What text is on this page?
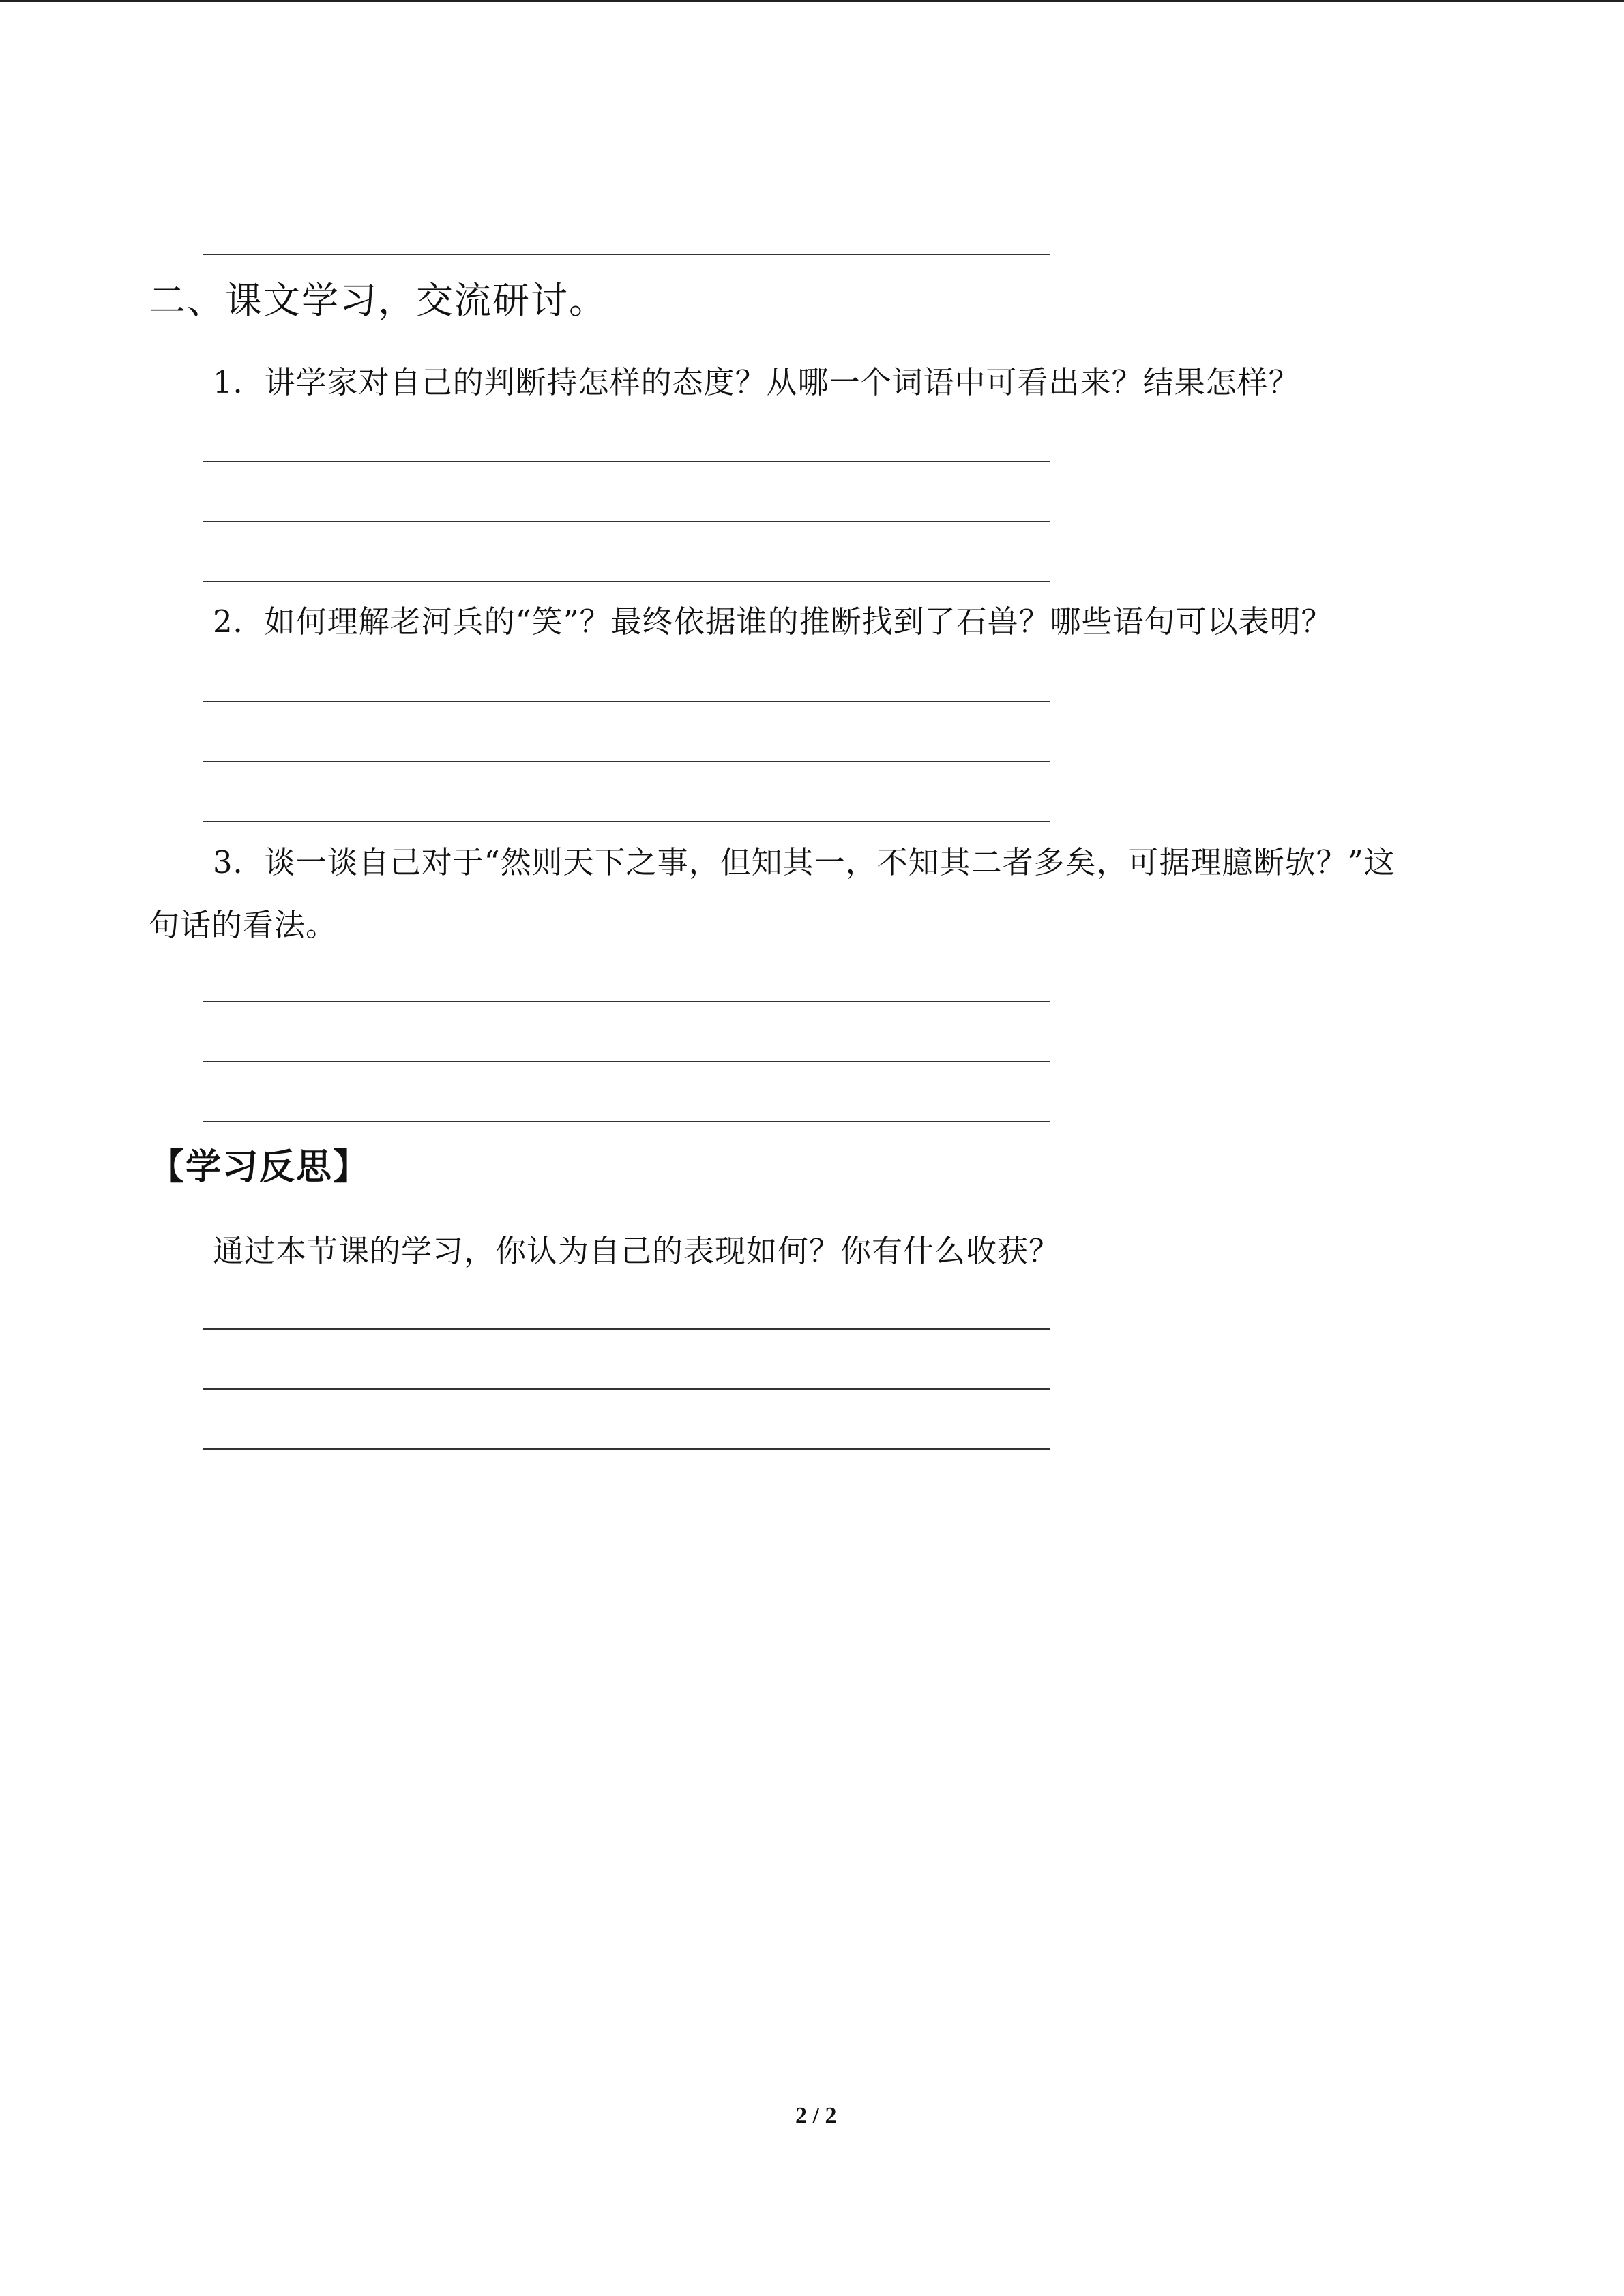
二、课文学习，交流研讨。
1．讲学家对自己的判断持怎样的态度？从哪一个词语中可看出来？结果怎样？
2．如何理解老河兵的“笑”？最终依据谁的推断找到了石兽？哪些语句可以表明？
3．谈一谈自己对于“然则天下之事，但知其一，不知其二者多矣，可据理臆断欤？”这
句话的看法。
【学习反思】
通过本节课的学习，你认为自己的表现如何？你有什么收获？
2 / 2
